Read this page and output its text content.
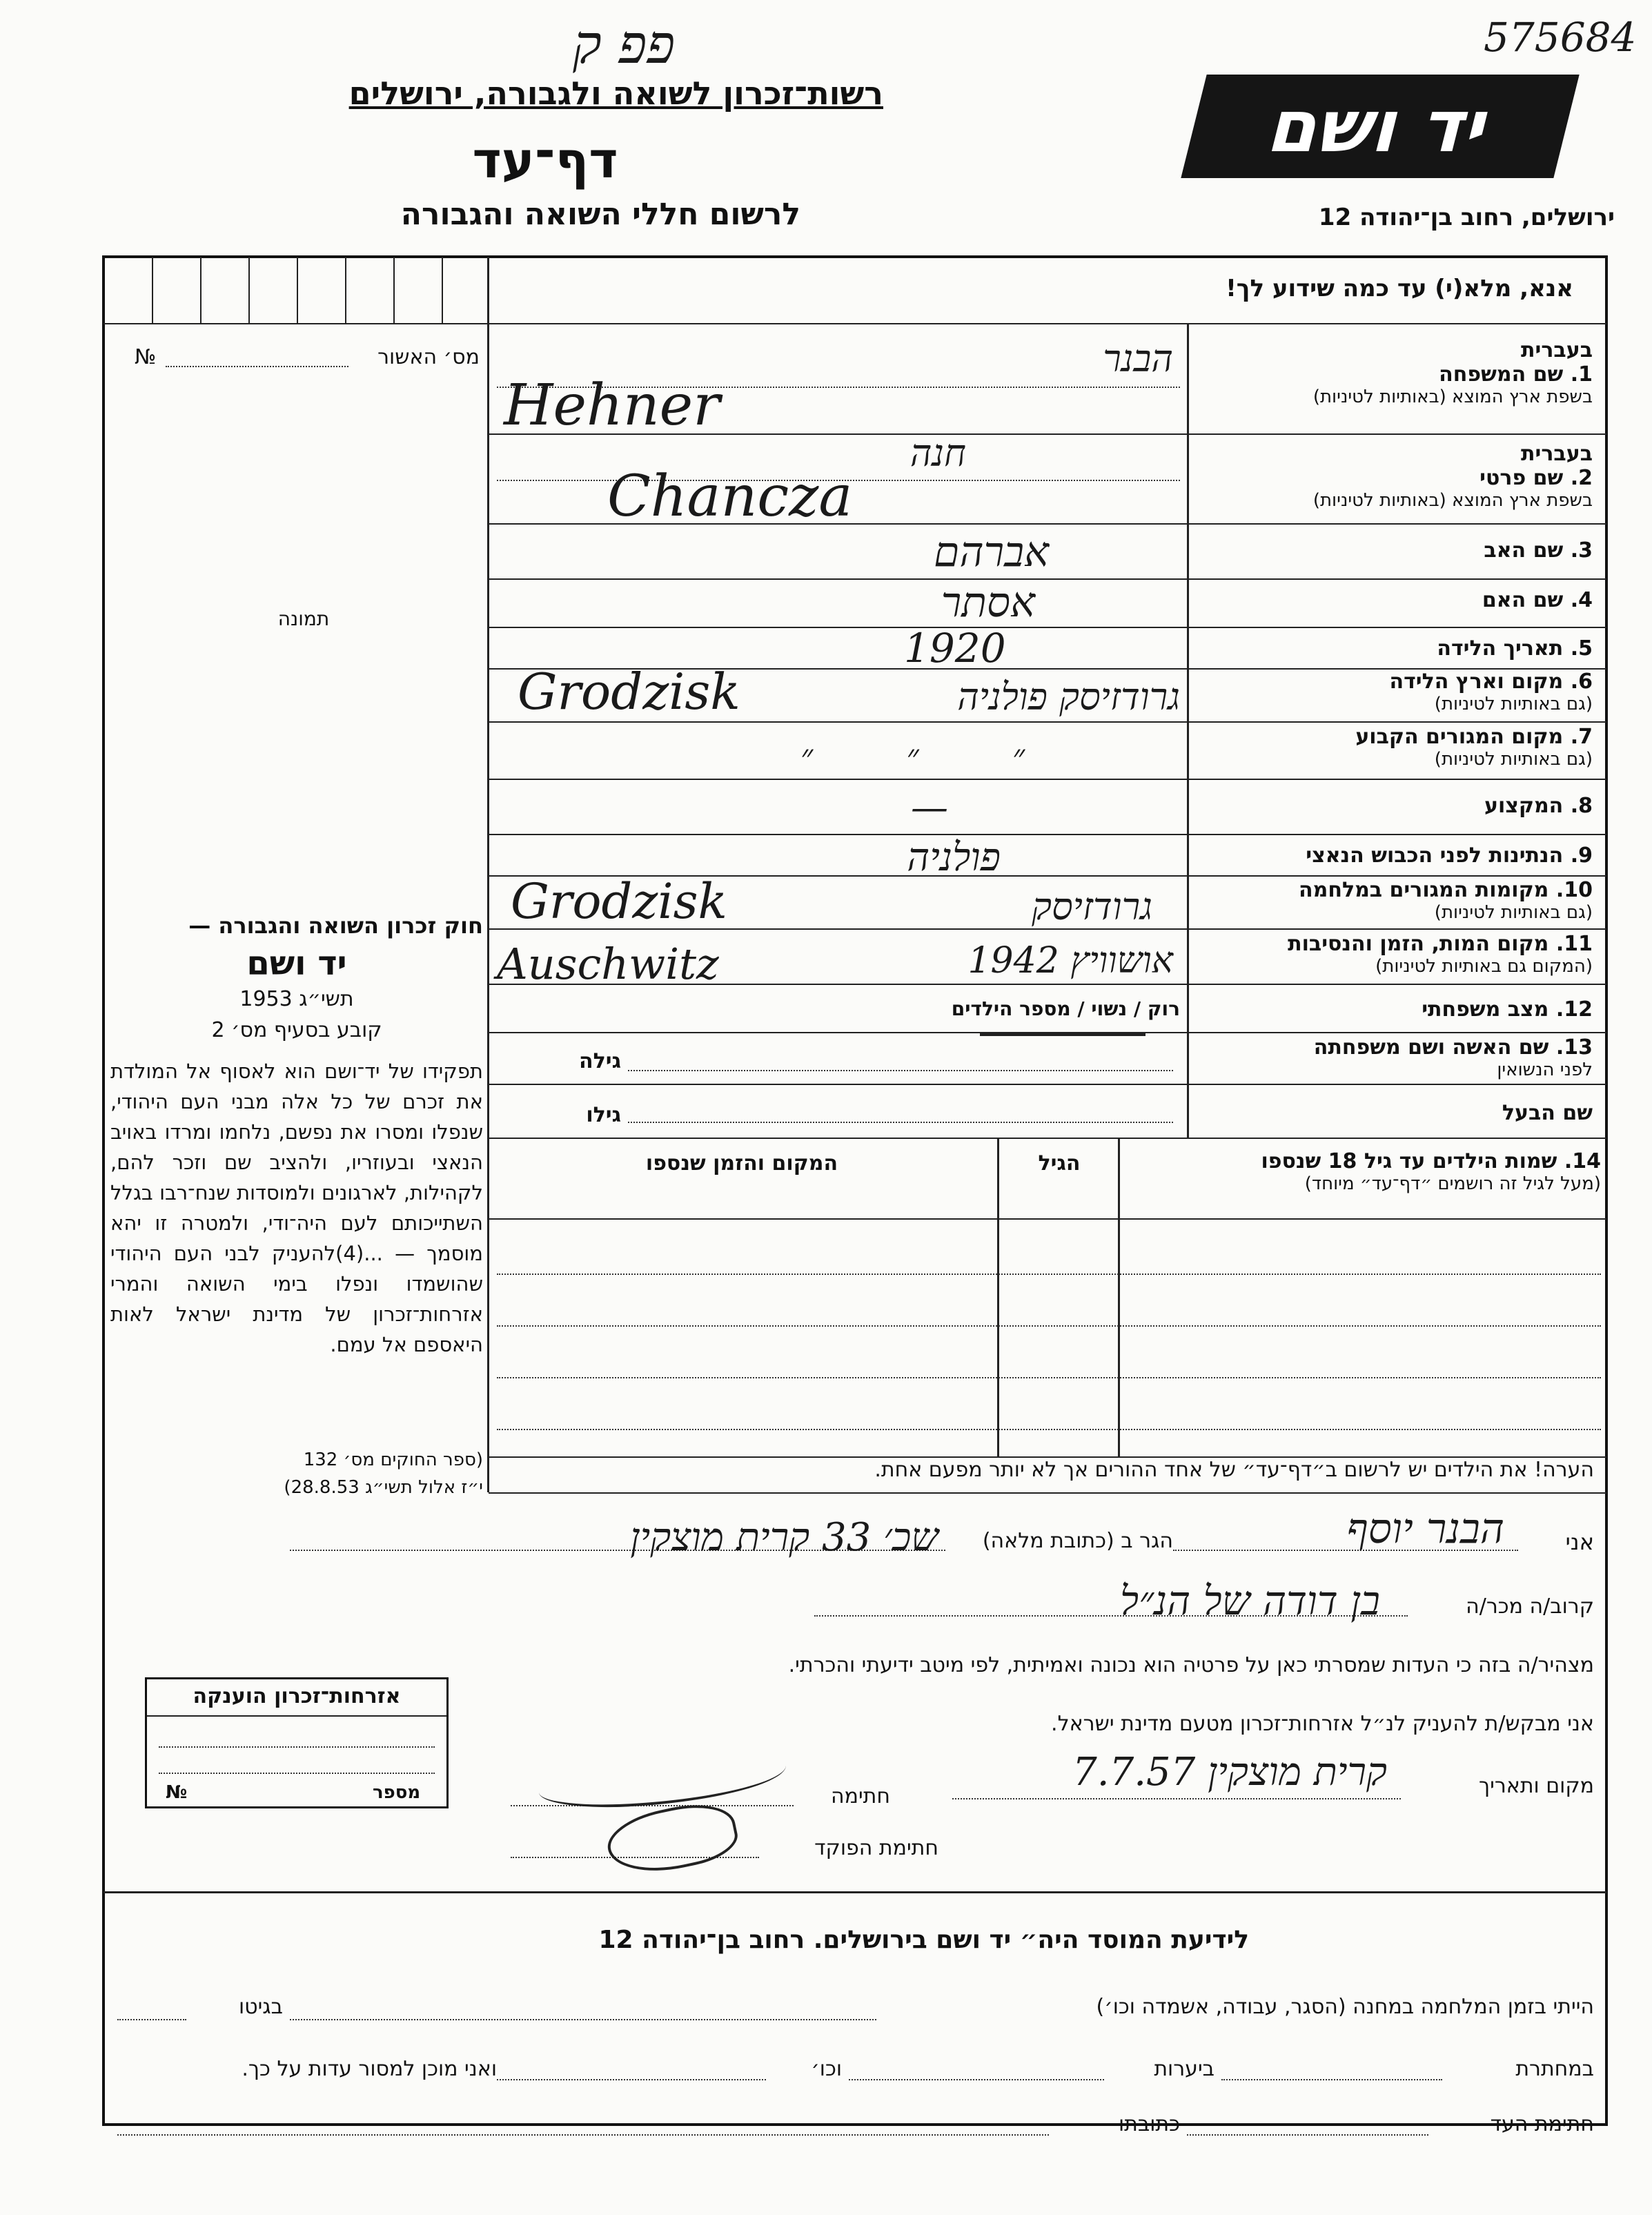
פפ ק	575684
רשות־זכרון לשואה ולגבורה, ירושלים
דף־עד
לרשום חללי השואה והגבורה
יד ושם
ירושלים, רחוב בן־יהודה 12
אנא, מלא(י) עד כמה שידוע לך!
מס׳ האשור
№
תמונה
חוק זכרון השואה והגבורה —
יד ושם
תשי״ג 1953
קובע בסעיף מס׳ 2
תפקידו של יד־ושם הוא לאסוף אל המולדת את זכרם של כל אלה מבני העם היהודי, שנפלו ומסרו את נפשם, נלחמו ומרדו באויב הנאצי ובעוזריו, ולהציב שם וזכר להם, לקהילות, לארגונים ולמוסדות שנח־רבו בגלל השתייכותם לעם היה־ודי, ולמטרה זו יהא מוסמך — ...(4)להעניק לבני העם היהודי שהושמדו ונפלו בימי השואה והמרי אזרחות־זכרון של מדינת ישראל לאות היאספם אל עמם.
(ספר החוקים מס׳ 132
י״ז אלול תשי״ג 28.8.53)
בעברית
1. שם המשפחה
בשפת ארץ המוצא (באותיות לטיניות)
הבנר
Hehner
בעברית
2. שם פרטי
בשפת ארץ המוצא (באותיות לטיניות)
חנה
Chancza
3. שם האב
אברהם
4. שם האם
אסתר
5. תאריך הלידה
1920
6. מקום וארץ הלידה
(גם באותיות לטיניות)
Grodzisk	גרודזיסק פולניה
7. מקום המגורים הקבוע
(גם באותיות לטיניות)
״ ״ ״
8. המקצוע
—
9. הנתינות לפני הכבוש הנאצי
פולניה
10. מקומות המגורים במלחמה
(גם באותיות לטיניות)
Grodzisk	גרודזיסק
11. מקום המות, הזמן והנסיבות
(המקום גם באותיות לטיניות)
Auschwitz	אושוויץ 1942
12. מצב משפחתי
רוק / נשוי / מספר הילדים
13. שם האשה ושם משפחתה
לפני הנשואין
גילה
שם הבעל
גילו
14. שמות הילדים עד גיל 18 שנספו
(מעל לגיל זה רושמים ״דף־עד״ מיוחד)
הגיל
המקום והזמן שנספו
הערה! את הילדים יש לרשום ב״דף־עד״ של אחד ההורים אך לא יותר מפעם אחת.
אני
הבנר יוסף
הגר ב (כתובת מלאה)
שכ׳ 33 קרית מוצקין
קרוב/ה מכר/ה
בן דודה של הנ״ל
מצהיר/ה בזה כי העדות שמסרתי כאן על פרטיה הוא נכונה ואמיתית, לפי מיטב ידיעתי והכרתי.
אני מבקש/ת להעניק לנ״ל אזרחות־זכרון מטעם מדינת ישראל.
מקום ותאריך
קרית מוצקין 7.7.57
חתימה
חתימת הפוקד
אזרחות־זכרון הוענקה
№	מספר
לידיעת המוסד היה״ יד ושם בירושלים. רחוב בן־יהודה 12
הייתי בזמן המלחמה במחנה (הסגר, עבודה, אשמדה וכו׳)
בגיטו
במחתרת
ביערות
וכו׳
ואני מוכן למסור עדות על כך.
חתימת העד
כתובתו
